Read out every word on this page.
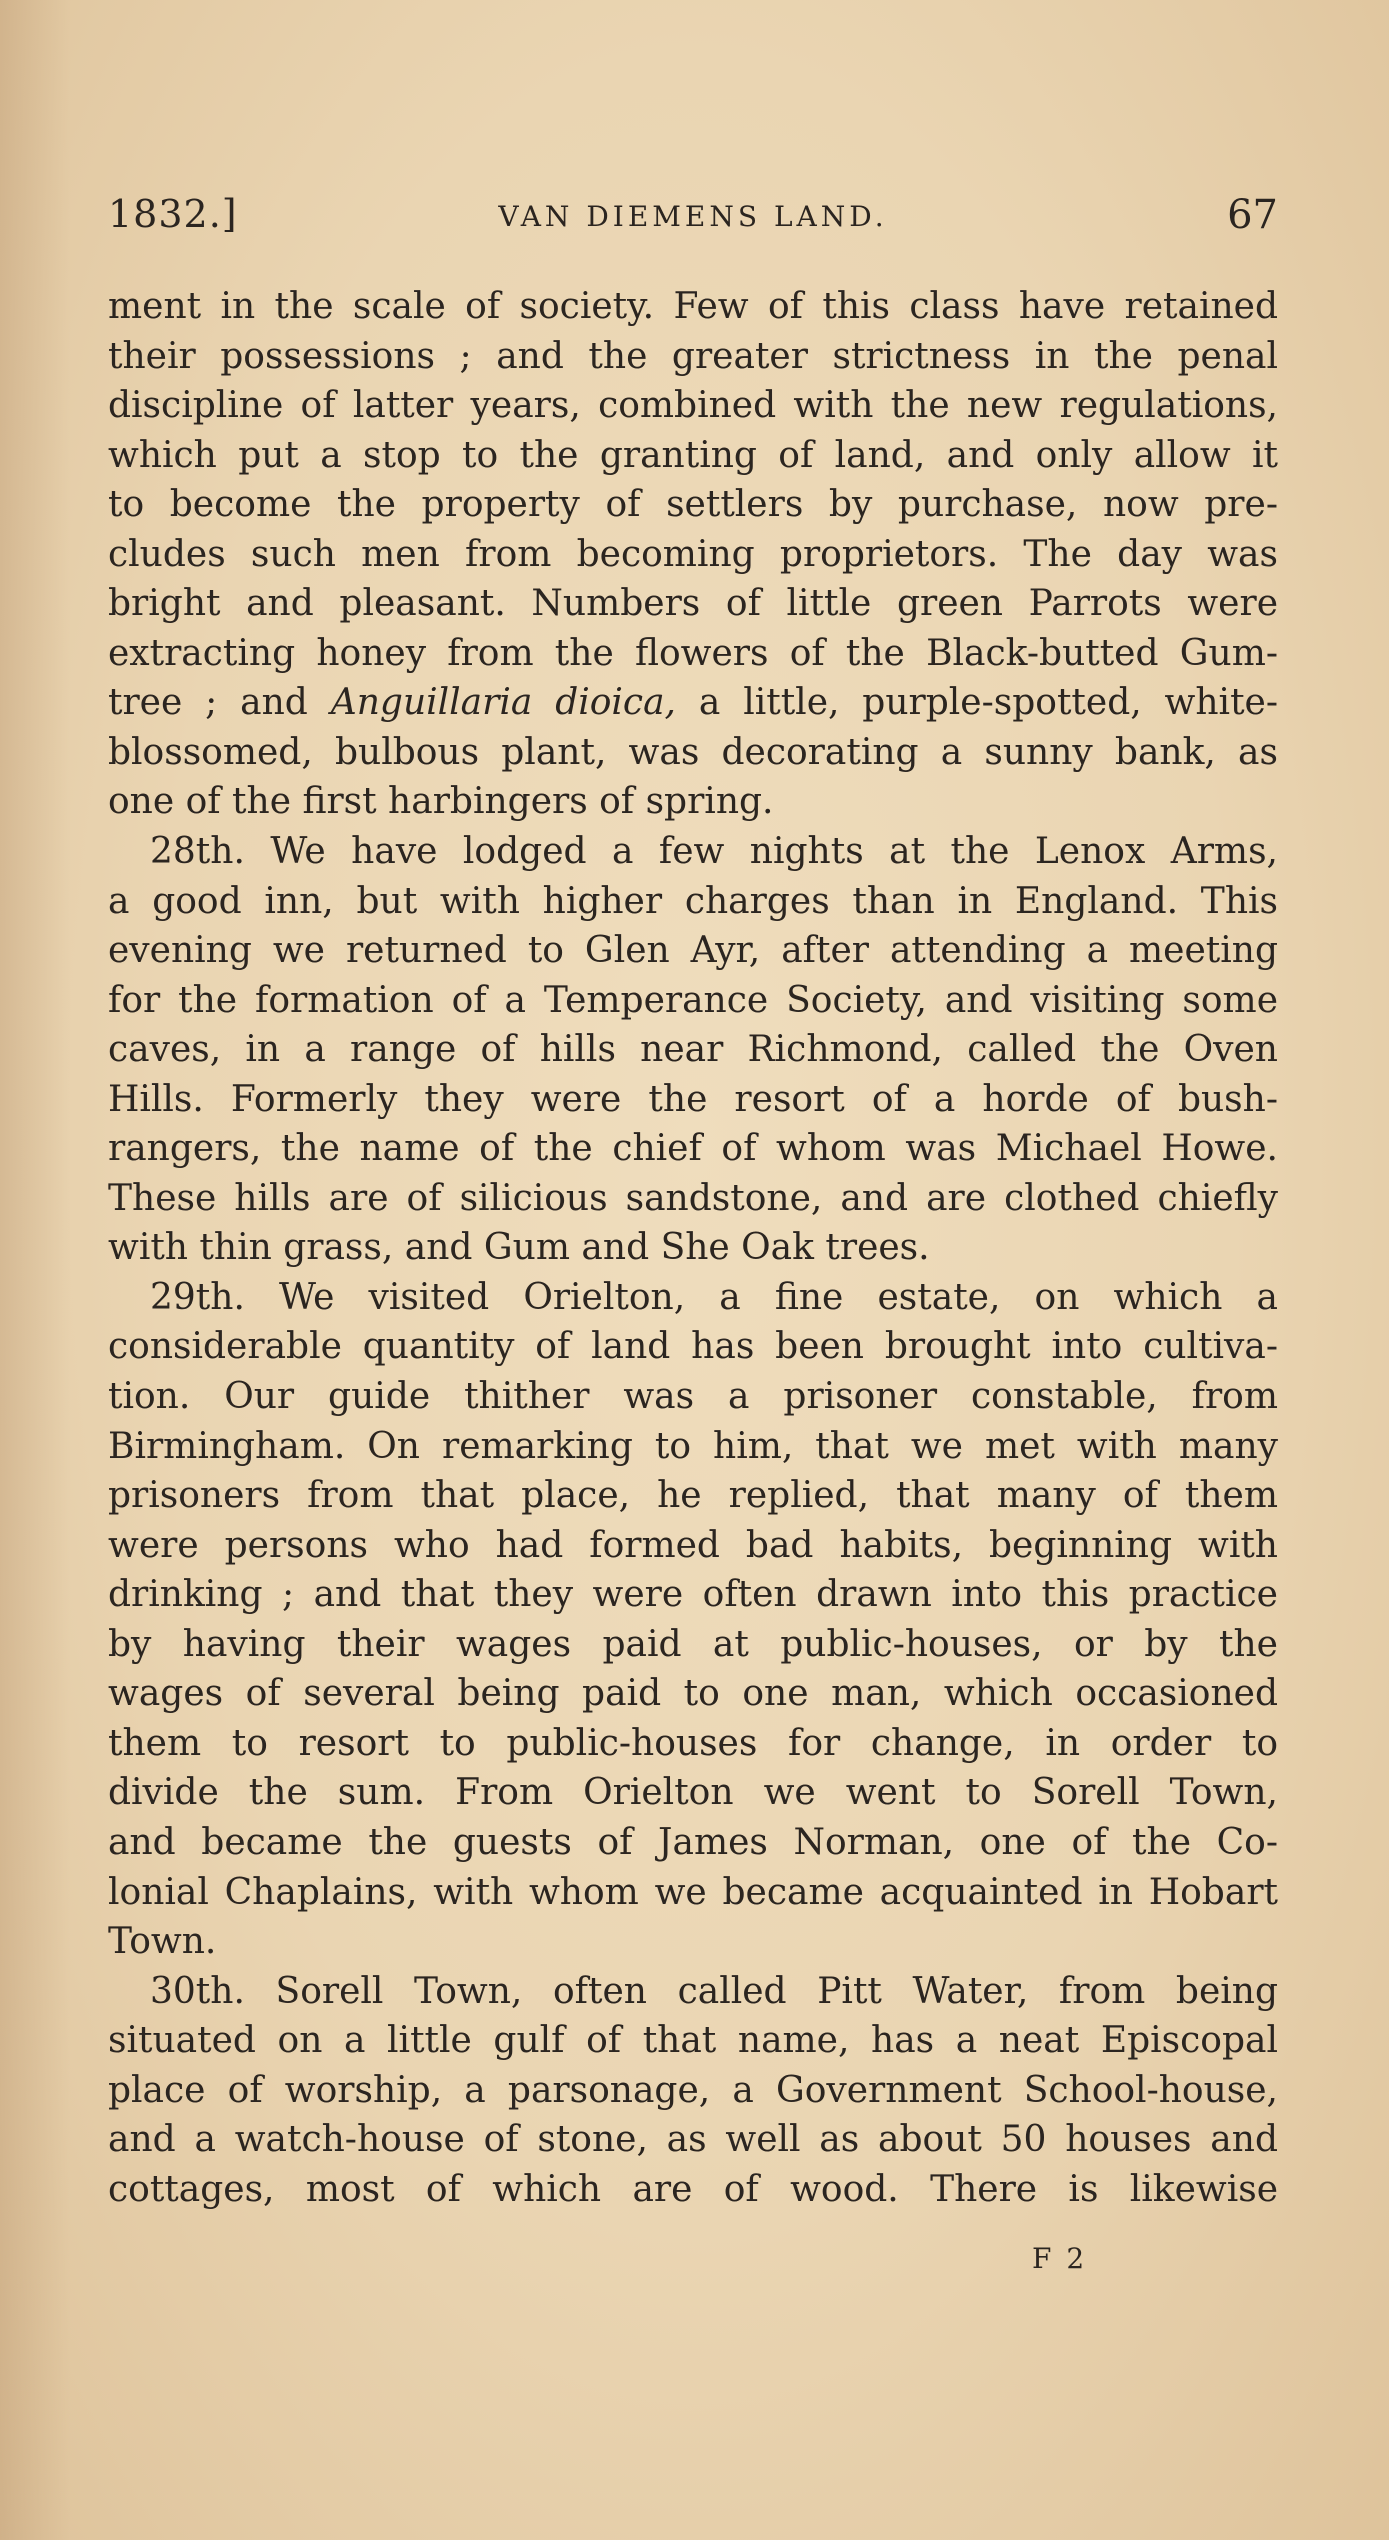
1832.]	VAN DIEMENS LAND.	67
ment in the scale of society. Few of this class have retained
their possessions ; and the greater strictness in the penal
discipline of latter years, combined with the new regulations,
which put a stop to the granting of land, and only allow it
to become the property of settlers by purchase, now pre-
cludes such men from becoming proprietors. The day was
bright and pleasant. Numbers of little green Parrots were
extracting honey from the flowers of the Black-butted Gum-
tree ; and Anguillaria dioica, a little, purple-spotted, white-
blossomed, bulbous plant, was decorating a sunny bank, as
one of the first harbingers of spring.
28th. We have lodged a few nights at the Lenox Arms,
a good inn, but with higher charges than in England. This
evening we returned to Glen Ayr, after attending a meeting
for the formation of a Temperance Society, and visiting some
caves, in a range of hills near Richmond, called the Oven
Hills. Formerly they were the resort of a horde of bush-
rangers, the name of the chief of whom was Michael Howe.
These hills are of silicious sandstone, and are clothed chiefly
with thin grass, and Gum and She Oak trees.
29th. We visited Orielton, a fine estate, on which a
considerable quantity of land has been brought into cultiva-
tion. Our guide thither was a prisoner constable, from
Birmingham. On remarking to him, that we met with many
prisoners from that place, he replied, that many of them
were persons who had formed bad habits, beginning with
drinking ; and that they were often drawn into this practice
by having their wages paid at public-houses, or by the
wages of several being paid to one man, which occasioned
them to resort to public-houses for change, in order to
divide the sum. From Orielton we went to Sorell Town,
and became the guests of James Norman, one of the Co-
lonial Chaplains, with whom we became acquainted in Hobart
Town.
30th. Sorell Town, often called Pitt Water, from being
situated on a little gulf of that name, has a neat Episcopal
place of worship, a parsonage, a Government School-house,
and a watch-house of stone, as well as about 50 houses and
cottages, most of which are of wood. There is likewise
F 2
